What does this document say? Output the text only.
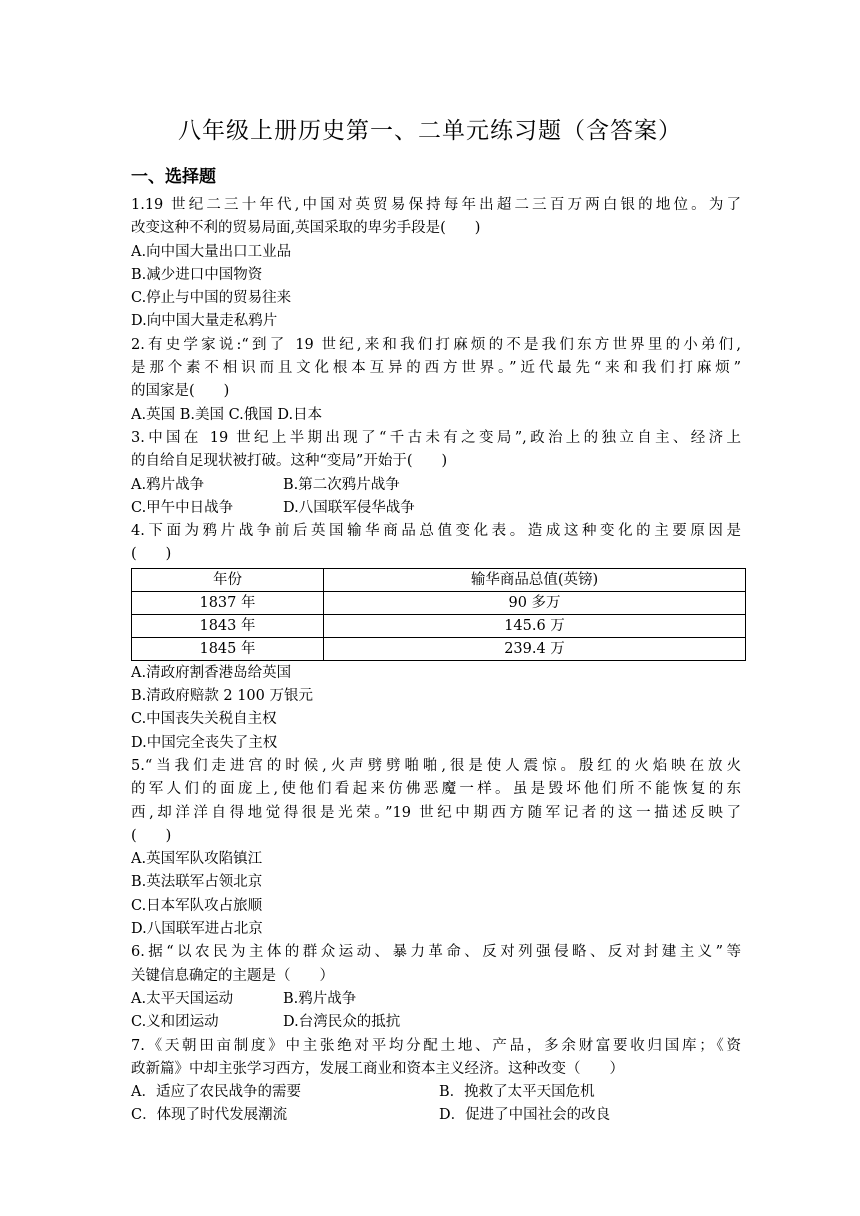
八年级上册历史第一、二单元练习题（含答案）
一、选择题
1.19 世纪二三十年代,中国对英贸易保持每年出超二三百万两白银的地位。为了
改变这种不利的贸易局面,英国采取的卑劣手段是(　　)
A.向中国大量出口工业品
B.减少进口中国物资
C.停止与中国的贸易往来
D.向中国大量走私鸦片
2.有史学家说:“到了 19 世纪,来和我们打麻烦的不是我们东方世界里的小弟们,
是那个素不相识而且文化根本互异的西方世界。”近代最先“来和我们打麻烦”
的国家是(　　)
A.英国 B.美国 C.俄国 D.日本
3.中国在 19 世纪上半期出现了“千古未有之变局”,政治上的独立自主、经济上
的自给自足现状被打破。这种“变局”开始于(　　)
A.鸦片战争	B.第二次鸦片战争
C.甲午中日战争	D.八国联军侵华战争
4.下面为鸦片战争前后英国输华商品总值变化表。造成这种变化的主要原因是
(　　)
年份	输华商品总值(英镑)
1837 年	90 多万
1843 年	145.6 万
1845 年	239.4 万
A.清政府割香港岛给英国
B.清政府赔款 2 100 万银元
C.中国丧失关税自主权
D.中国完全丧失了主权
5.“当我们走进宫的时候,火声劈劈啪啪,很是使人震惊。殷红的火焰映在放火
的军人们的面庞上,使他们看起来仿佛恶魔一样。虽是毁坏他们所不能恢复的东
西,却洋洋自得地觉得很是光荣。”19 世纪中期西方随军记者的这一描述反映了
(　　)
A.英国军队攻陷镇江
B.英法联军占领北京
C.日本军队攻占旅顺
D.八国联军进占北京
6.据“以农民为主体的群众运动、暴力革命、反对列强侵略、反对封建主义”等
关键信息确定的主题是（　　）
A.太平天国运动	B.鸦片战争
C.义和团运动	D.台湾民众的抵抗
7.《天朝田亩制度》中主张绝对平均分配土地、产品，多余财富要收归国库；《资
政新篇》中却主张学习西方，发展工商业和资本主义经济。这种改变（　　）
A．适应了农民战争的需要	B．挽救了太平天国危机
C．体现了时代发展潮流	D．促进了中国社会的改良
